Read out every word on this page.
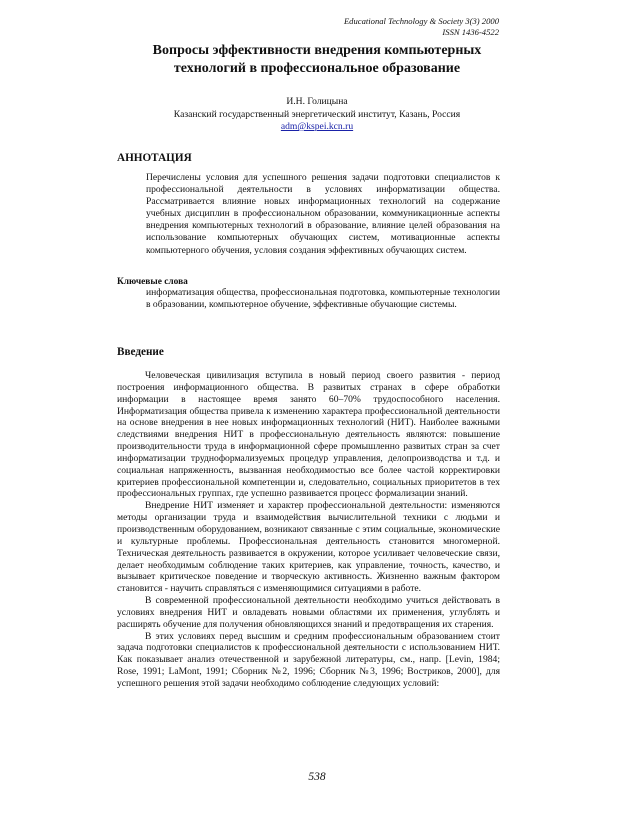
Educational Technology & Society 3(3) 2000
ISSN 1436-4522
Вопросы эффективности внедрения компьютерных
технологий в профессиональное образование
И.Н. Голицына
Казанский государственный энергетический институт, Казань, Россия
adm@kspei.kcn.ru
АННОТАЦИЯ
Перечислены условия для успешного решения задачи подготовки специалистов к профессиональной деятельности в условиях информатизации общества. Рассматривается влияние новых информационных технологий на содержание учебных дисциплин в профессиональном образовании, коммуникационные аспекты внедрения компьютерных технологий в образование, влияние целей образования на использование компьютерных обучающих систем, мотивационные аспекты компьютерного обучения, условия создания эффективных обучающих систем.
Ключевые слова
информатизация общества, профессиональная подготовка, компьютерные технологии в образовании, компьютерное обучение, эффективные обучающие системы.
Введение

Человеческая цивилизация вступила в новый период своего развития - период построения информационного общества. В развитых странах в сфере обработки информации в настоящее время занято 60–70% трудоспособного населения. Информатизация общества привела к изменению характера профессиональной деятельности на основе внедрения в нее новых информационных технологий (НИТ). Наиболее важными следствиями внедрения НИТ в профессиональную деятельность являются: повышение производительности труда в информационной сфере промышленно развитых стран за счет информатизации трудноформализуемых процедур управления, делопроизводства и т.д. и социальная напряженность, вызванная необходимостью все более частой корректировки критериев профессиональной компетенции и, следовательно, социальных приоритетов в тех профессиональных группах, где успешно развивается процесс формализации знаний.

Внедрение НИТ изменяет и характер профессиональной деятельности: изменяются методы организации труда и взаимодействия вычислительной техники с людьми и производственным оборудованием, возникают связанные с этим социальные, экономические и культурные проблемы. Профессиональная деятельность становится многомерной. Техническая деятельность развивается в окружении, которое усиливает человеческие связи, делает необходимым соблюдение таких критериев, как управление, точность, качество, и вызывает критическое поведение и творческую активность. Жизненно важным фактором становится - научить справляться с изменяющимися ситуациями в работе.

В современной профессиональной деятельности необходимо учиться действовать в условиях внедрения НИТ и овладевать новыми областями их применения, углублять и расширять обучение для получения обновляющихся знаний и предотвращения их старения.

В этих условиях перед высшим и средним профессиональным образованием стоит задача подготовки специалистов к профессиональной деятельности с использованием НИТ. Как показывает анализ отечественной и зарубежной литературы, см., напр. [Levin, 1984; Rose, 1991; LaMont, 1991; Сборник №2, 1996; Сборник №3, 1996; Востриков, 2000], для успешного решения этой задачи необходимо соблюдение следующих условий:

538
